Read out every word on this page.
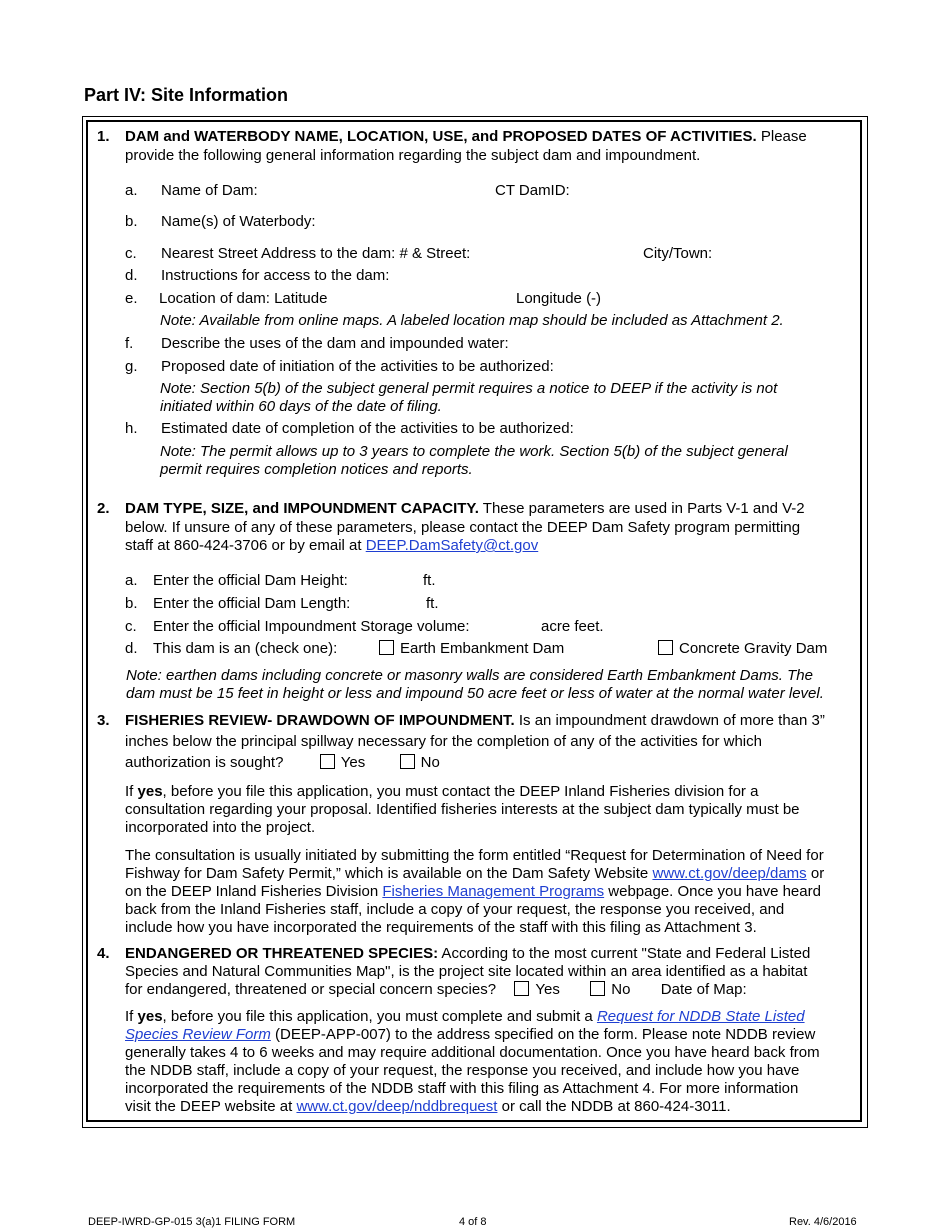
Part IV: Site Information
1. DAM and WATERBODY NAME, LOCATION, USE, and PROPOSED DATES OF ACTIVITIES. Please
provide the following general information regarding the subject dam and impoundment.
a. Name of Dam:	CT DamID:
b. Name(s) of Waterbody:
c. Nearest Street Address to the dam: # & Street:	City/Town:
d. Instructions for access to the dam:
e. Location of dam: Latitude	Longitude (-)
Note: Available from online maps. A labeled location map should be included as Attachment 2.
f. Describe the uses of the dam and impounded water:
g. Proposed date of initiation of the activities to be authorized:
Note: Section 5(b) of the subject general permit requires a notice to DEEP if the activity is not
initiated within 60 days of the date of filing.
h. Estimated date of completion of the activities to be authorized:
Note: The permit allows up to 3 years to complete the work. Section 5(b) of the subject general
permit requires completion notices and reports.
2. DAM TYPE, SIZE, and IMPOUNDMENT CAPACITY. These parameters are used in Parts V-1 and V-2
below. If unsure of any of these parameters, please contact the DEEP Dam Safety program permitting
staff at 860-424-3706 or by email at DEEP.DamSafety@ct.gov
a. Enter the official Dam Height:	ft.
b. Enter the official Dam Length:	ft.
c. Enter the official Impoundment Storage volume:	acre feet.
d. This dam is an (check one):	Earth Embankment Dam	Concrete Gravity Dam
Note: earthen dams including concrete or masonry walls are considered Earth Embankment Dams. The
dam must be 15 feet in height or less and impound 50 acre feet or less of water at the normal water level.
3. FISHERIES REVIEW- DRAWDOWN OF IMPOUNDMENT. Is an impoundment drawdown of more than 3”
inches below the principal spillway necessary for the completion of any of the activities for which
authorization is sought?	Yes	No
If yes, before you file this application, you must contact the DEEP Inland Fisheries division for a
consultation regarding your proposal. Identified fisheries interests at the subject dam typically must be
incorporated into the project.
The consultation is usually initiated by submitting the form entitled “Request for Determination of Need for
Fishway for Dam Safety Permit,” which is available on the Dam Safety Website www.ct.gov/deep/dams or
on the DEEP Inland Fisheries Division Fisheries Management Programs webpage. Once you have heard
back from the Inland Fisheries staff, include a copy of your request, the response you received, and
include how you have incorporated the requirements of the staff with this filing as Attachment 3.
4. ENDANGERED OR THREATENED SPECIES: According to the most current "State and Federal Listed
Species and Natural Communities Map", is the project site located within an area identified as a habitat
for endangered, threatened or special concern species?	Yes	No Date of Map:
If yes, before you file this application, you must complete and submit a Request for NDDB State Listed
Species Review Form (DEEP-APP-007) to the address specified on the form. Please note NDDB review
generally takes 4 to 6 weeks and may require additional documentation. Once you have heard back from
the NDDB staff, include a copy of your request, the response you received, and include how you have
incorporated the requirements of the NDDB staff with this filing as Attachment 4. For more information
visit the DEEP website at www.ct.gov/deep/nddbrequest or call the NDDB at 860-424-3011.
DEEP-IWRD-GP-015 3(a)1 FILING FORM	4 of 8	Rev. 4/6/2016
